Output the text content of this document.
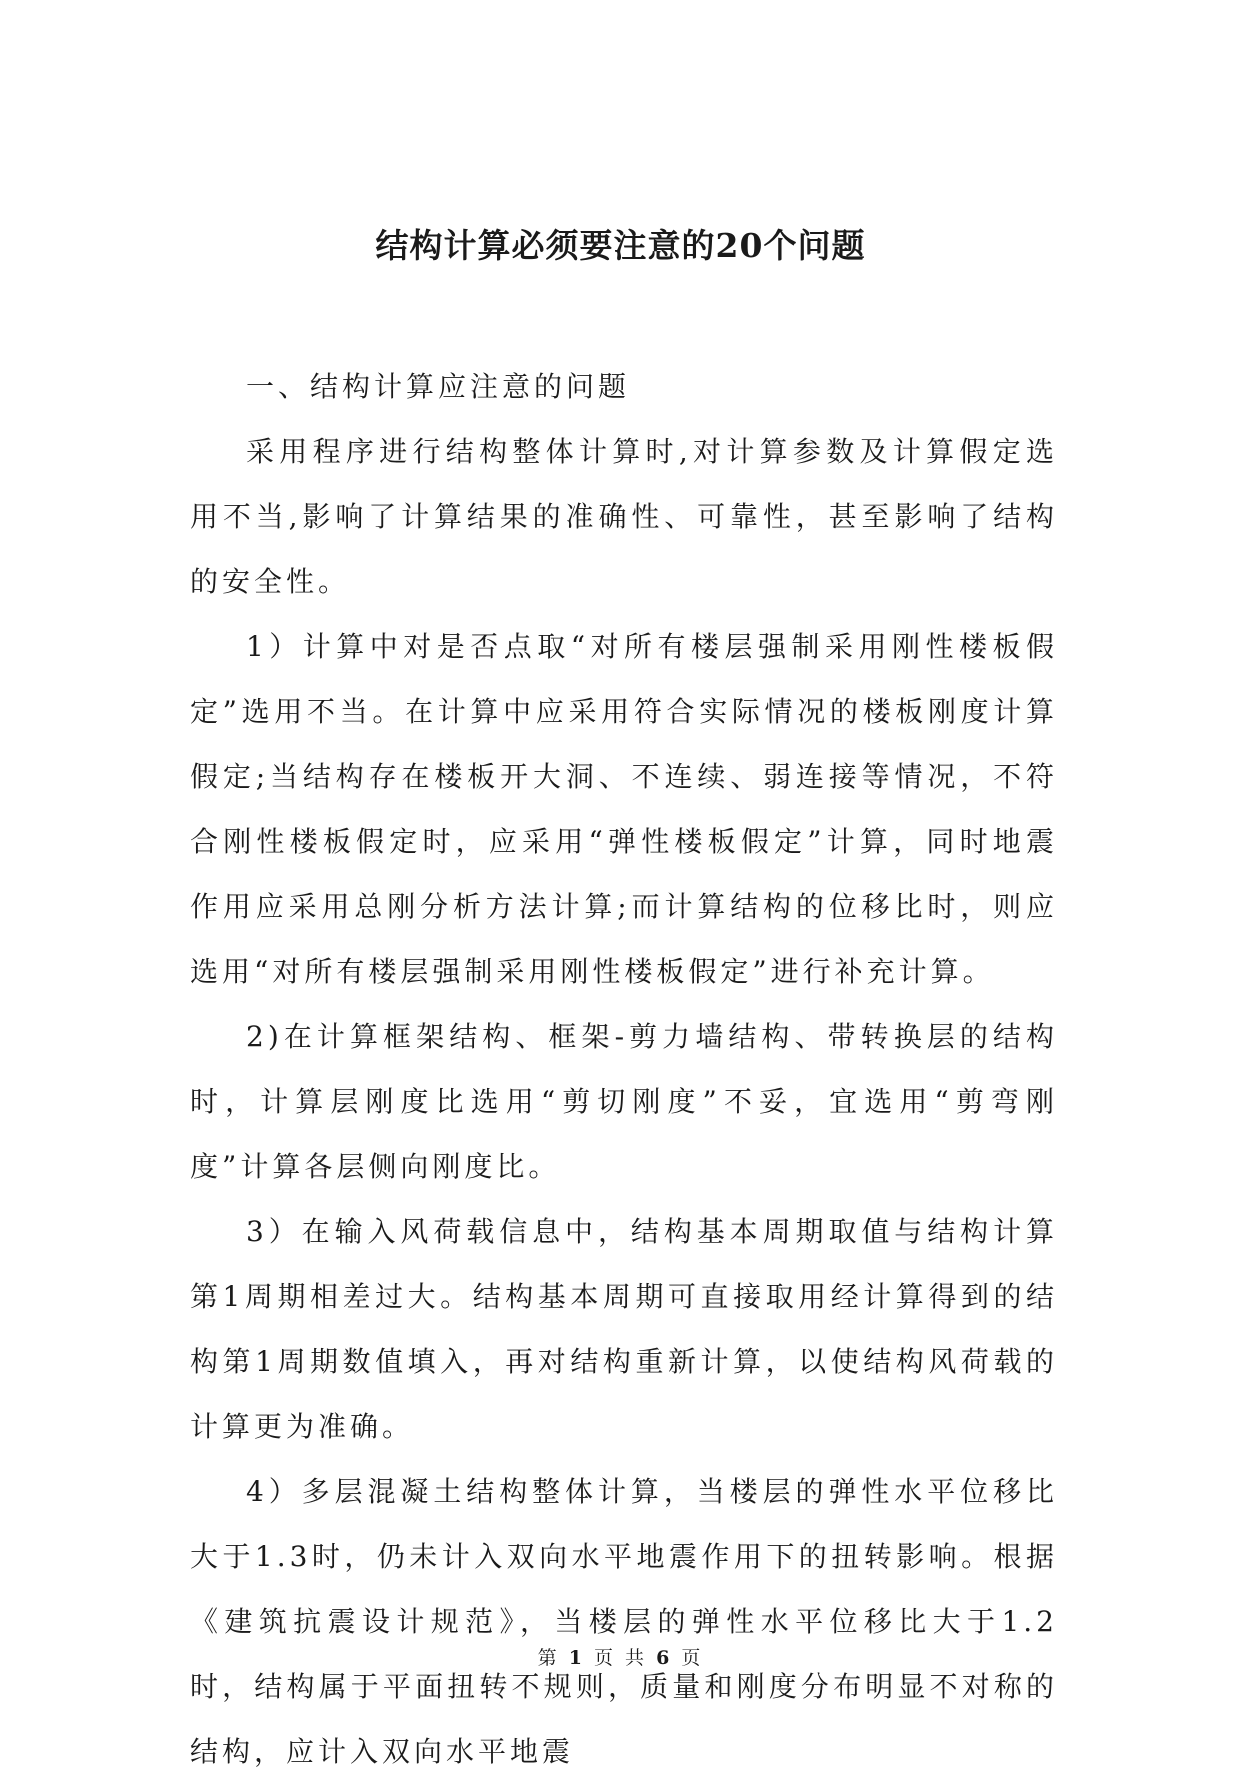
结构计算必须要注意的20个问题

一、结构计算应注意的问题

采用程序进行结构整体计算时,对计算参数及计算假定选用不当,影响了计算结果的准确性、可靠性，甚至影响了结构的安全性。

1）计算中对是否点取“对所有楼层强制采用刚性楼板假定”选用不当。在计算中应采用符合实际情况的楼板刚度计算假定;当结构存在楼板开大洞、不连续、弱连接等情况，不符合刚性楼板假定时，应采用“弹性楼板假定”计算，同时地震作用应采用总刚分析方法计算;而计算结构的位移比时，则应选用“对所有楼层强制采用刚性楼板假定”进行补充计算。

2)在计算框架结构、框架-剪力墙结构、带转换层的结构时，计算层刚度比选用“剪切刚度”不妥，宜选用“剪弯刚度”计算各层侧向刚度比。

3）在输入风荷载信息中，结构基本周期取值与结构计算第1周期相差过大。结构基本周期可直接取用经计算得到的结构第1周期数值填入，再对结构重新计算，以使结构风荷载的计算更为准确。

4）多层混凝土结构整体计算，当楼层的弹性水平位移比大于1.3时，仍未计入双向水平地震作用下的扭转影响。根据《建筑抗震设计规范》，当楼层的弹性水平位移比大于1.2时，结构属于平面扭转不规则，质量和刚度分布明显不对称的结构，应计入双向水平地震

第 1 页 共 6 页
